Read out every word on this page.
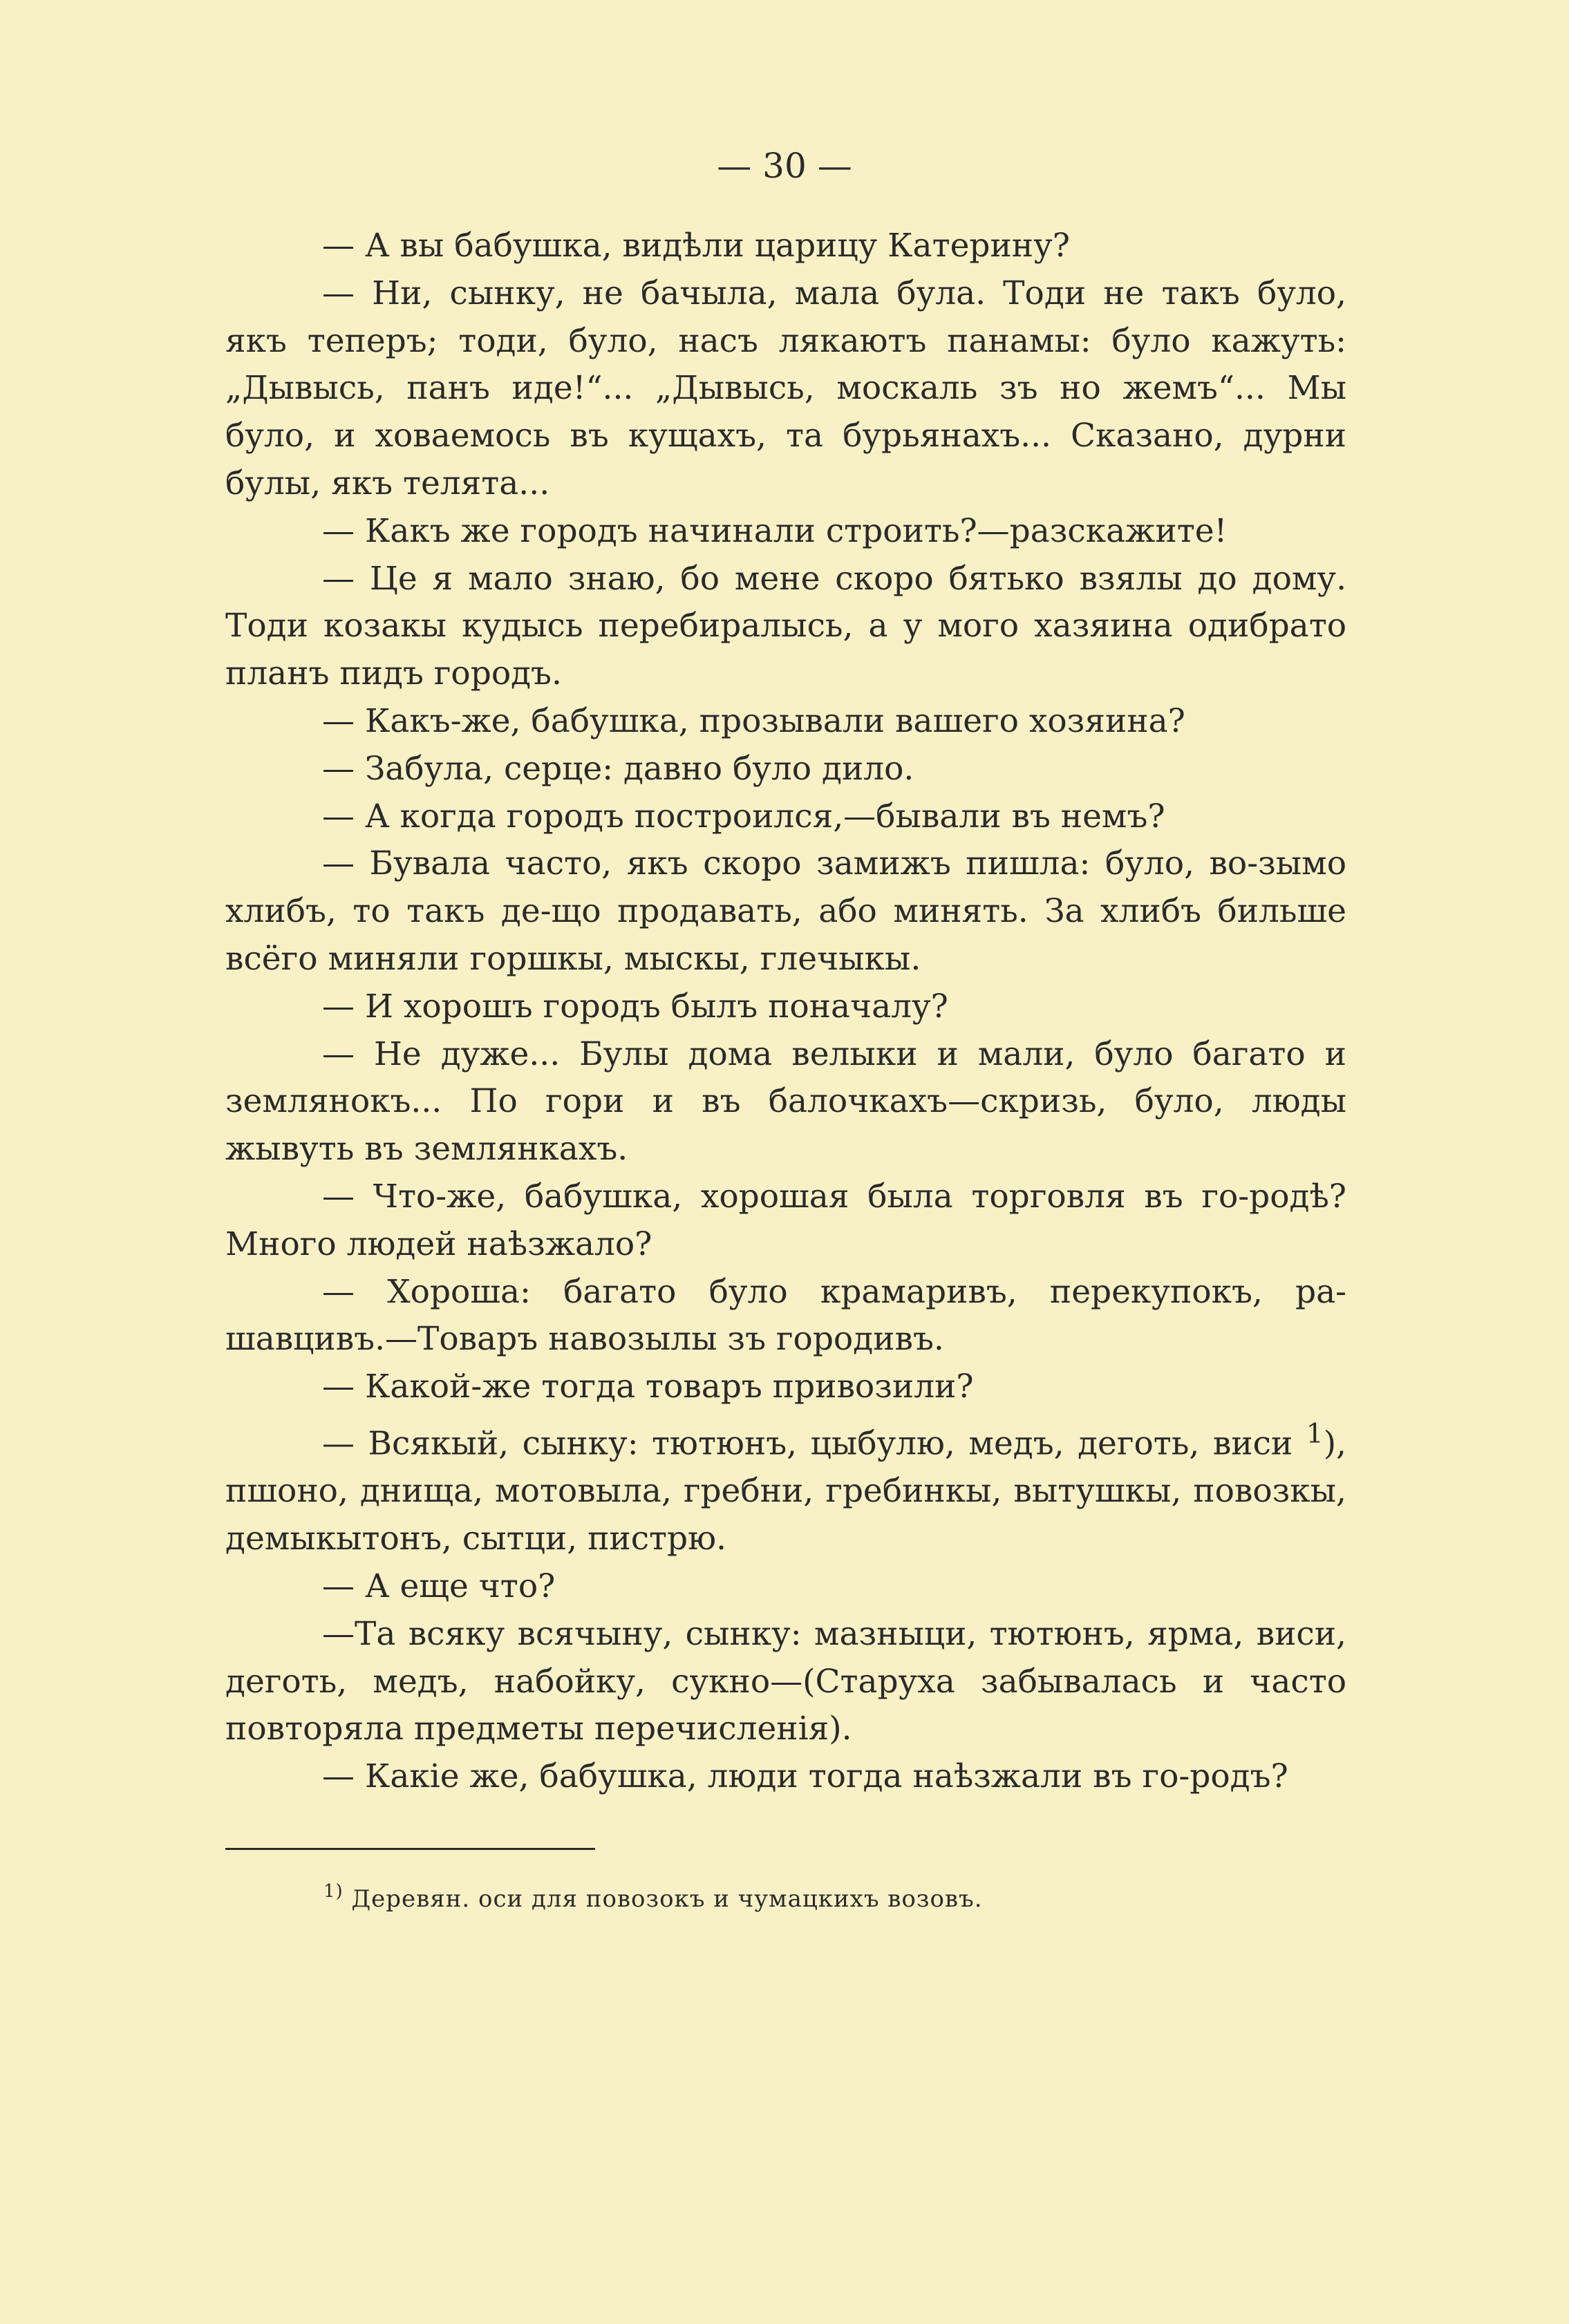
— 30 —

— А вы бабушка, видѣли царицу Катерину?

— Ни, сынку, не бачыла, мала була. Тоди не такъ було, якъ теперъ; тоди, було, насъ лякаютъ панамы: було кажуть: „Дывысь, панъ иде!“... „Дывысь, москаль зъ но жемъ“... Мы було, и ховаемось въ кущахъ, та бурьянахъ... Сказано, дурни булы, якъ телята...

— Какъ же городъ начинали строить?—разскажите!

— Це я мало знаю, бо мене скоро бятько взялы до дому. Тоди козакы кудысь перебиралысь, а у мого хазяина одибрато планъ пидъ городъ.

— Какъ-же, бабушка, прозывали вашего хозяина?

— Забула, серце: давно було дило.

— А когда городъ построился,—бывали въ немъ?

— Бувала часто, якъ скоро замижъ пишла: було, во-зымо хлибъ, то такъ де-що продавать, або минять. За хлибъ бильше всёго миняли горшкы, мыскы, глечыкы.

— И хорошъ городъ былъ поначалу?

— Не дуже... Булы дома велыки и мали, було багато и землянокъ... По гори и въ балочкахъ—скризь, було, люды жывуть въ землянкахъ.

— Что-же, бабушка, хорошая была торговля въ го-родѣ? Много людей наѣзжало?

— Хороша: багато було крамаривъ, перекупокъ, ра-шавцивъ.—Товаръ навозылы зъ городивъ.

— Какой-же тогда товаръ привозили?

— Всякый, сынку: тютюнъ, цыбулю, медъ, деготь, виси $^1$), пшоно, днища, мотовыла, гребни, гребинкы, вытушкы, повозкы, демыкытонъ, сытци, пистрю.

— А еще что?

—Та всяку всячыну, сынку: мазныци, тютюнъ, ярма, виси, деготь, медъ, набойку, сукно—(Старуха забывалась и часто повторяла предметы перечисленія).

— Какiе же, бабушка, люди тогда наѣзжали въ го-родъ?

$^{1)}$ Деревян. оси для повозокъ и чумацкихъ возовъ.
